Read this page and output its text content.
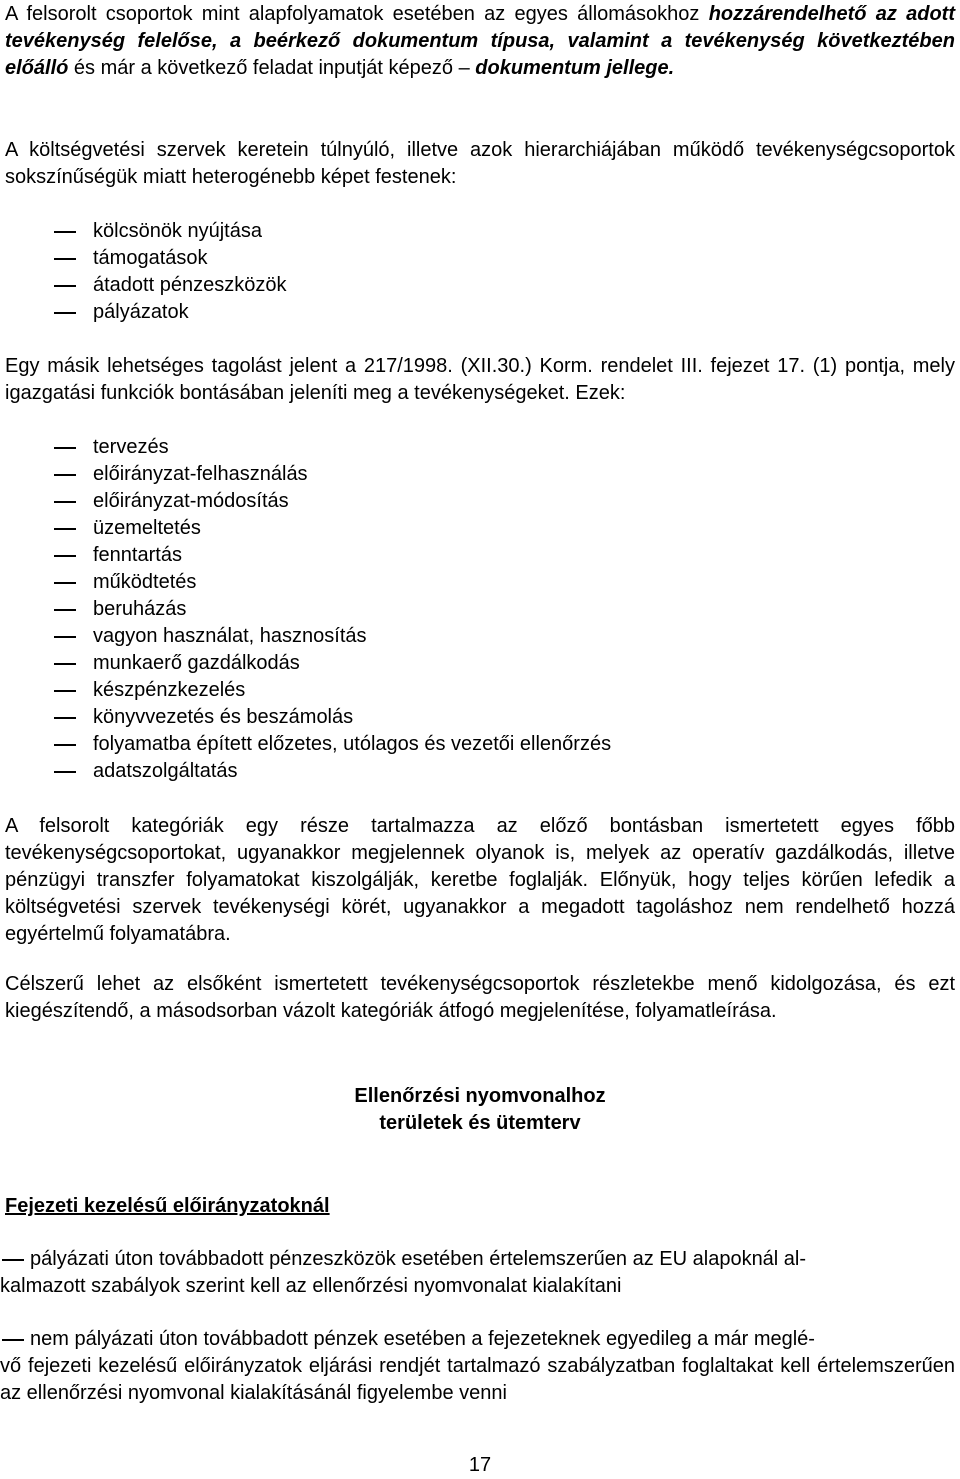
A felsorolt csoportok mint alapfolyamatok esetében az egyes állomásokhoz hozzárendelhető az adott tevékenység felelőse, a beérkező dokumentum típusa, valamint a tevékenység következtében előálló és már a következő feladat inputját képező – dokumentum jellege.

A költségvetési szervek keretein túlnyúló, illetve azok hierarchiájában működő tevékenységcsoportok sokszínűségük miatt heterogénebb képet festenek:

kölcsönök nyújtása
támogatások
átadott pénzeszközök
pályázatok

Egy másik lehetséges tagolást jelent a 217/1998. (XII.30.) Korm. rendelet III. fejezet 17. (1) pontja, mely igazgatási funkciók bontásában jeleníti meg a tevékenységeket. Ezek:

tervezés
előirányzat-felhasználás
előirányzat-módosítás
üzemeltetés
fenntartás
működtetés
beruházás
vagyon használat, hasznosítás
munkaerő gazdálkodás
készpénzkezelés
könyvvezetés és beszámolás
folyamatba épített előzetes, utólagos és vezetői ellenőrzés
adatszolgáltatás

A felsorolt kategóriák egy része tartalmazza az előző bontásban ismertetett egyes főbb tevékenységcsoportokat, ugyanakkor megjelennek olyanok is, melyek az operatív gazdálkodás, illetve pénzügyi transzfer folyamatokat kiszolgálják, keretbe foglalják. Előnyük, hogy teljes körűen lefedik a költségvetési szervek tevékenységi körét, ugyanakkor a megadott tagoláshoz nem rendelhető hozzá egyértelmű folyamatábra.

Célszerű lehet az elsőként ismertetett tevékenységcsoportok részletekbe menő kidolgozása, és ezt kiegészítendő, a másodsorban vázolt kategóriák átfogó megjelenítése, folyamatleírása.

Ellenőrzési nyomvonalhoz

területek és ütemterv

Fejezeti kezelésű előirányzatoknál

pályázati úton továbbadott pénzeszközök esetében értelemszerűen az EU alapoknál al-
kalmazott szabályok szerint kell az ellenőrzési nyomvonalat kialakítani
nem pályázati úton továbbadott pénzek esetében a fejezeteknek egyedileg a már meglé-
vő fejezeti kezelésű előirányzatok eljárási rendjét tartalmazó szabályzatban foglaltakat kell értelemszerűen az ellenőrzési nyomvonal kialakításánál figyelembe venni
17
